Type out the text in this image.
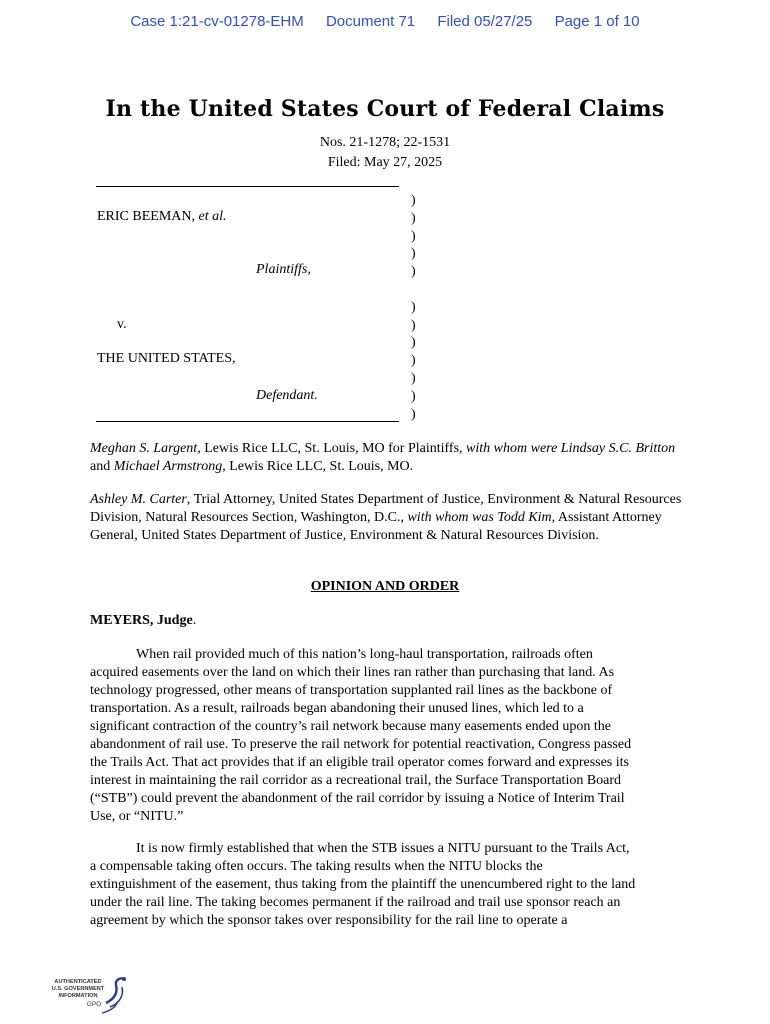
Case 1:21-cv-01278-EHM Document 71 Filed 05/27/25 Page 1 of 10
In the United States Court of Federal Claims
Nos. 21-1278; 22-1531
Filed: May 27, 2025
ERIC BEEMAN, et al.
Plaintiffs,
v.
THE UNITED STATES,
Defendant.
)
)
)
)
)
)
)
)
)
)
)
)
Meghan S. Largent, Lewis Rice LLC, St. Louis, MO for Plaintiffs, with whom were Lindsay S.C. Britton and Michael Armstrong, Lewis Rice LLC, St. Louis, MO.
Ashley M. Carter, Trial Attorney, United States Department of Justice, Environment & Natural Resources Division, Natural Resources Section, Washington, D.C., with whom was Todd Kim, Assistant Attorney General, United States Department of Justice, Environment & Natural Resources Division.
OPINION AND ORDER
MEYERS, Judge.
When rail provided much of this nation’s long-haul transportation, railroads often
acquired easements over the land on which their lines ran rather than purchasing that land. As
technology progressed, other means of transportation supplanted rail lines as the backbone of
transportation. As a result, railroads began abandoning their unused lines, which led to a
significant contraction of the country’s rail network because many easements ended upon the
abandonment of rail use. To preserve the rail network for potential reactivation, Congress passed
the Trails Act. That act provides that if an eligible trail operator comes forward and expresses its
interest in maintaining the rail corridor as a recreational trail, the Surface Transportation Board
(“STB”) could prevent the abandonment of the rail corridor by issuing a Notice of Interim Trail
Use, or “NITU.”
It is now firmly established that when the STB issues a NITU pursuant to the Trails Act,
a compensable taking often occurs. The taking results when the NITU blocks the
extinguishment of the easement, thus taking from the plaintiff the unencumbered right to the land
under the rail line. The taking becomes permanent if the railroad and trail use sponsor reach an
agreement by which the sponsor takes over responsibility for the rail line to operate a
AUTHENTICATED
U.S. GOVERNMENT
INFORMATION
GPO
